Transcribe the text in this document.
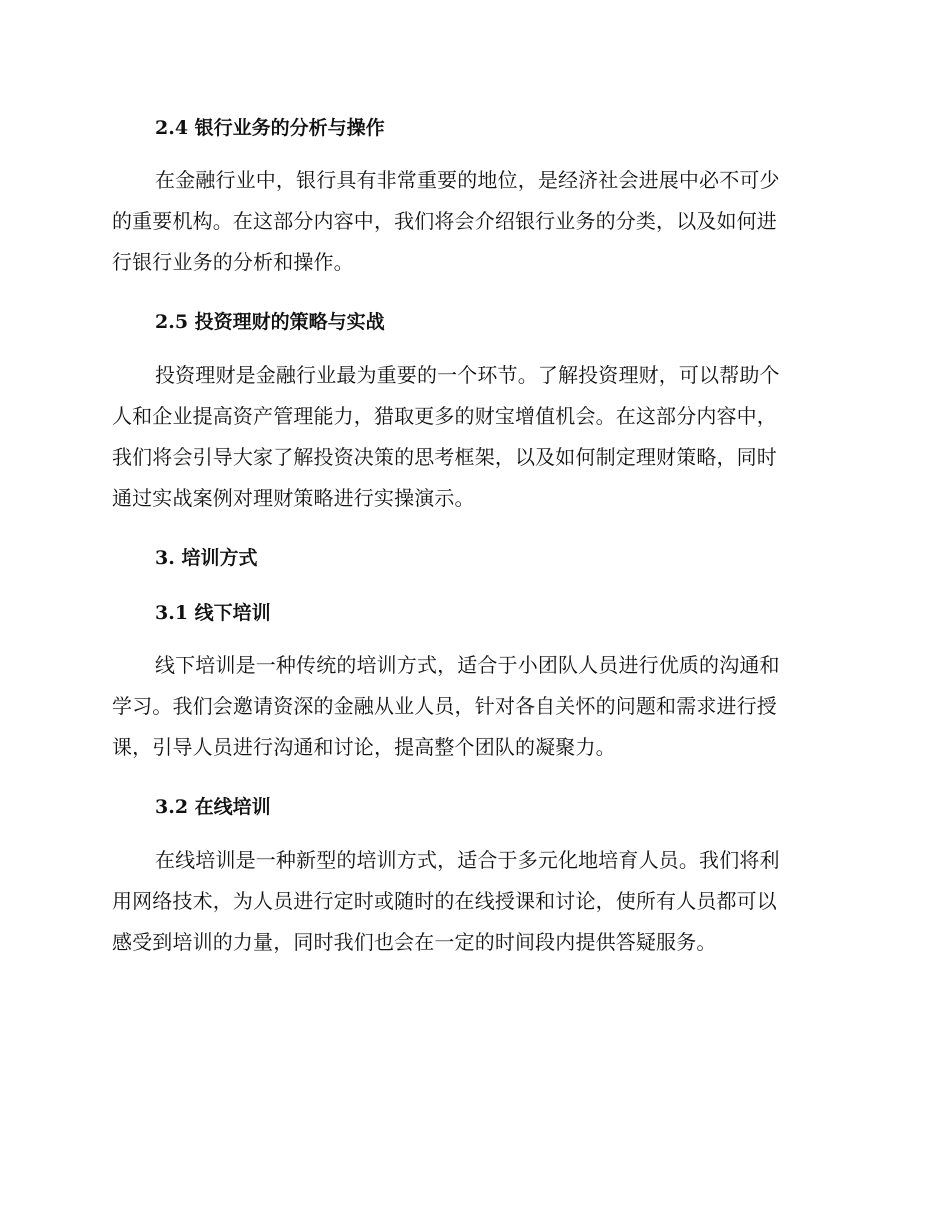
2.4 银行业务的分析与操作

在金融行业中，银行具有非常重要的地位，是经济社会进展中必不可少
的重要机构。在这部分内容中，我们将会介绍银行业务的分类，以及如何进
行银行业务的分析和操作。

2.5 投资理财的策略与实战

投资理财是金融行业最为重要的一个环节。了解投资理财，可以帮助个
人和企业提高资产管理能力，猎取更多的财宝增值机会。在这部分内容中，
我们将会引导大家了解投资决策的思考框架，以及如何制定理财策略，同时
通过实战案例对理财策略进行实操演示。

3. 培训方式
3.1 线下培训

线下培训是一种传统的培训方式，适合于小团队人员进行优质的沟通和
学习。我们会邀请资深的金融从业人员，针对各自关怀的问题和需求进行授
课，引导人员进行沟通和讨论，提高整个团队的凝聚力。

3.2 在线培训

在线培训是一种新型的培训方式，适合于多元化地培育人员。我们将利
用网络技术，为人员进行定时或随时的在线授课和讨论，使所有人员都可以
感受到培训的力量，同时我们也会在一定的时间段内提供答疑服务。
